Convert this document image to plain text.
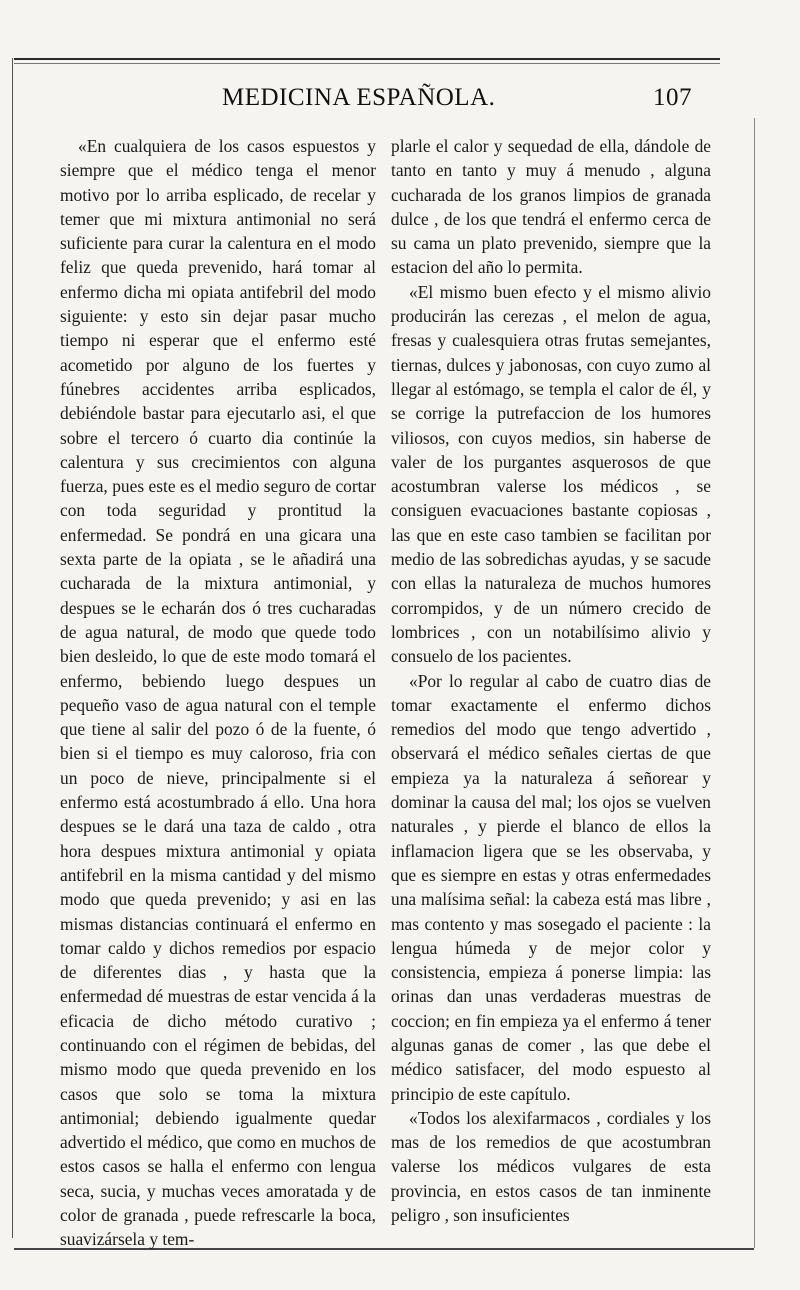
MEDICINA ESPAÑOLA.	107

«En cualquiera de los casos espuestos y siempre que el médico tenga el menor motivo por lo arriba esplicado, de recelar y temer que mi mixtura antimonial no será suficiente para curar la calentura en el modo feliz que queda prevenido, hará tomar al enfermo dicha mi opiata antifebril del modo siguiente: y esto sin dejar pasar mucho tiempo ni esperar que el enfermo esté acometido por alguno de los fuertes y fúnebres accidentes arriba esplicados, debiéndole bastar para ejecutarlo asi, el que sobre el tercero ó cuarto dia continúe la calentura y sus crecimientos con alguna fuerza, pues este es el medio seguro de cortar con toda seguridad y prontitud la enfermedad. Se pondrá en una gicara una sexta parte de la opiata , se le añadirá una cucharada de la mixtura antimonial, y despues se le echarán dos ó tres cucharadas de agua natural, de modo que quede todo bien desleido, lo que de este modo tomará el enfermo, bebiendo luego despues un pequeño vaso de agua natural con el temple que tiene al salir del pozo ó de la fuente, ó bien si el tiempo es muy caloroso, fria con un poco de nieve, principalmente si el enfermo está acostumbrado á ello. Una hora despues se le dará una taza de caldo , otra hora despues mixtura antimonial y opiata antifebril en la misma cantidad y del mismo modo que queda prevenido; y asi en las mismas distancias continuará el enfermo en tomar caldo y dichos remedios por espacio de diferentes dias , y hasta que la enfermedad dé muestras de estar vencida á la eficacia de dicho método curativo ; continuando con el régimen de bebidas, del mismo modo que queda prevenido en los casos que solo se toma la mixtura antimonial; debiendo igualmente quedar advertido el médico, que como en muchos de estos casos se halla el enfermo con lengua seca, sucia, y muchas veces amoratada y de color de granada , puede refrescarle la boca, suavizársela y tem-

plarle el calor y sequedad de ella, dándole de tanto en tanto y muy á menudo , alguna cucharada de los granos limpios de granada dulce , de los que tendrá el enfermo cerca de su cama un plato prevenido, siempre que la estacion del año lo permita.

«El mismo buen efecto y el mismo alivio producirán las cerezas , el melon de agua, fresas y cualesquiera otras frutas semejantes, tiernas, dulces y jabonosas, con cuyo zumo al llegar al estómago, se templa el calor de él, y se corrige la putrefaccion de los humores viliosos, con cuyos medios, sin haberse de valer de los purgantes asquerosos de que acostumbran valerse los médicos , se consiguen evacuaciones bastante copiosas , las que en este caso tambien se facilitan por medio de las sobredichas ayudas, y se sacude con ellas la naturaleza de muchos humores corrompidos, y de un número crecido de lombrices , con un notabilísimo alivio y consuelo de los pacientes.

«Por lo regular al cabo de cuatro dias de tomar exactamente el enfermo dichos remedios del modo que tengo advertido , observará el médico señales ciertas de que empieza ya la naturaleza á señorear y dominar la causa del mal; los ojos se vuelven naturales , y pierde el blanco de ellos la inflamacion ligera que se les observaba, y que es siempre en estas y otras enfermedades una malísima señal: la cabeza está mas libre , mas contento y mas sosegado el paciente : la lengua húmeda y de mejor color y consistencia, empieza á ponerse limpia: las orinas dan unas verdaderas muestras de coccion; en fin empieza ya el enfermo á tener algunas ganas de comer , las que debe el médico satisfacer, del modo espuesto al principio de este capítulo.

«Todos los alexifarmacos , cordiales y los mas de los remedios de que acostumbran valerse los médicos vulgares de esta provincia, en estos casos de tan inminente peligro , son insuficientes
